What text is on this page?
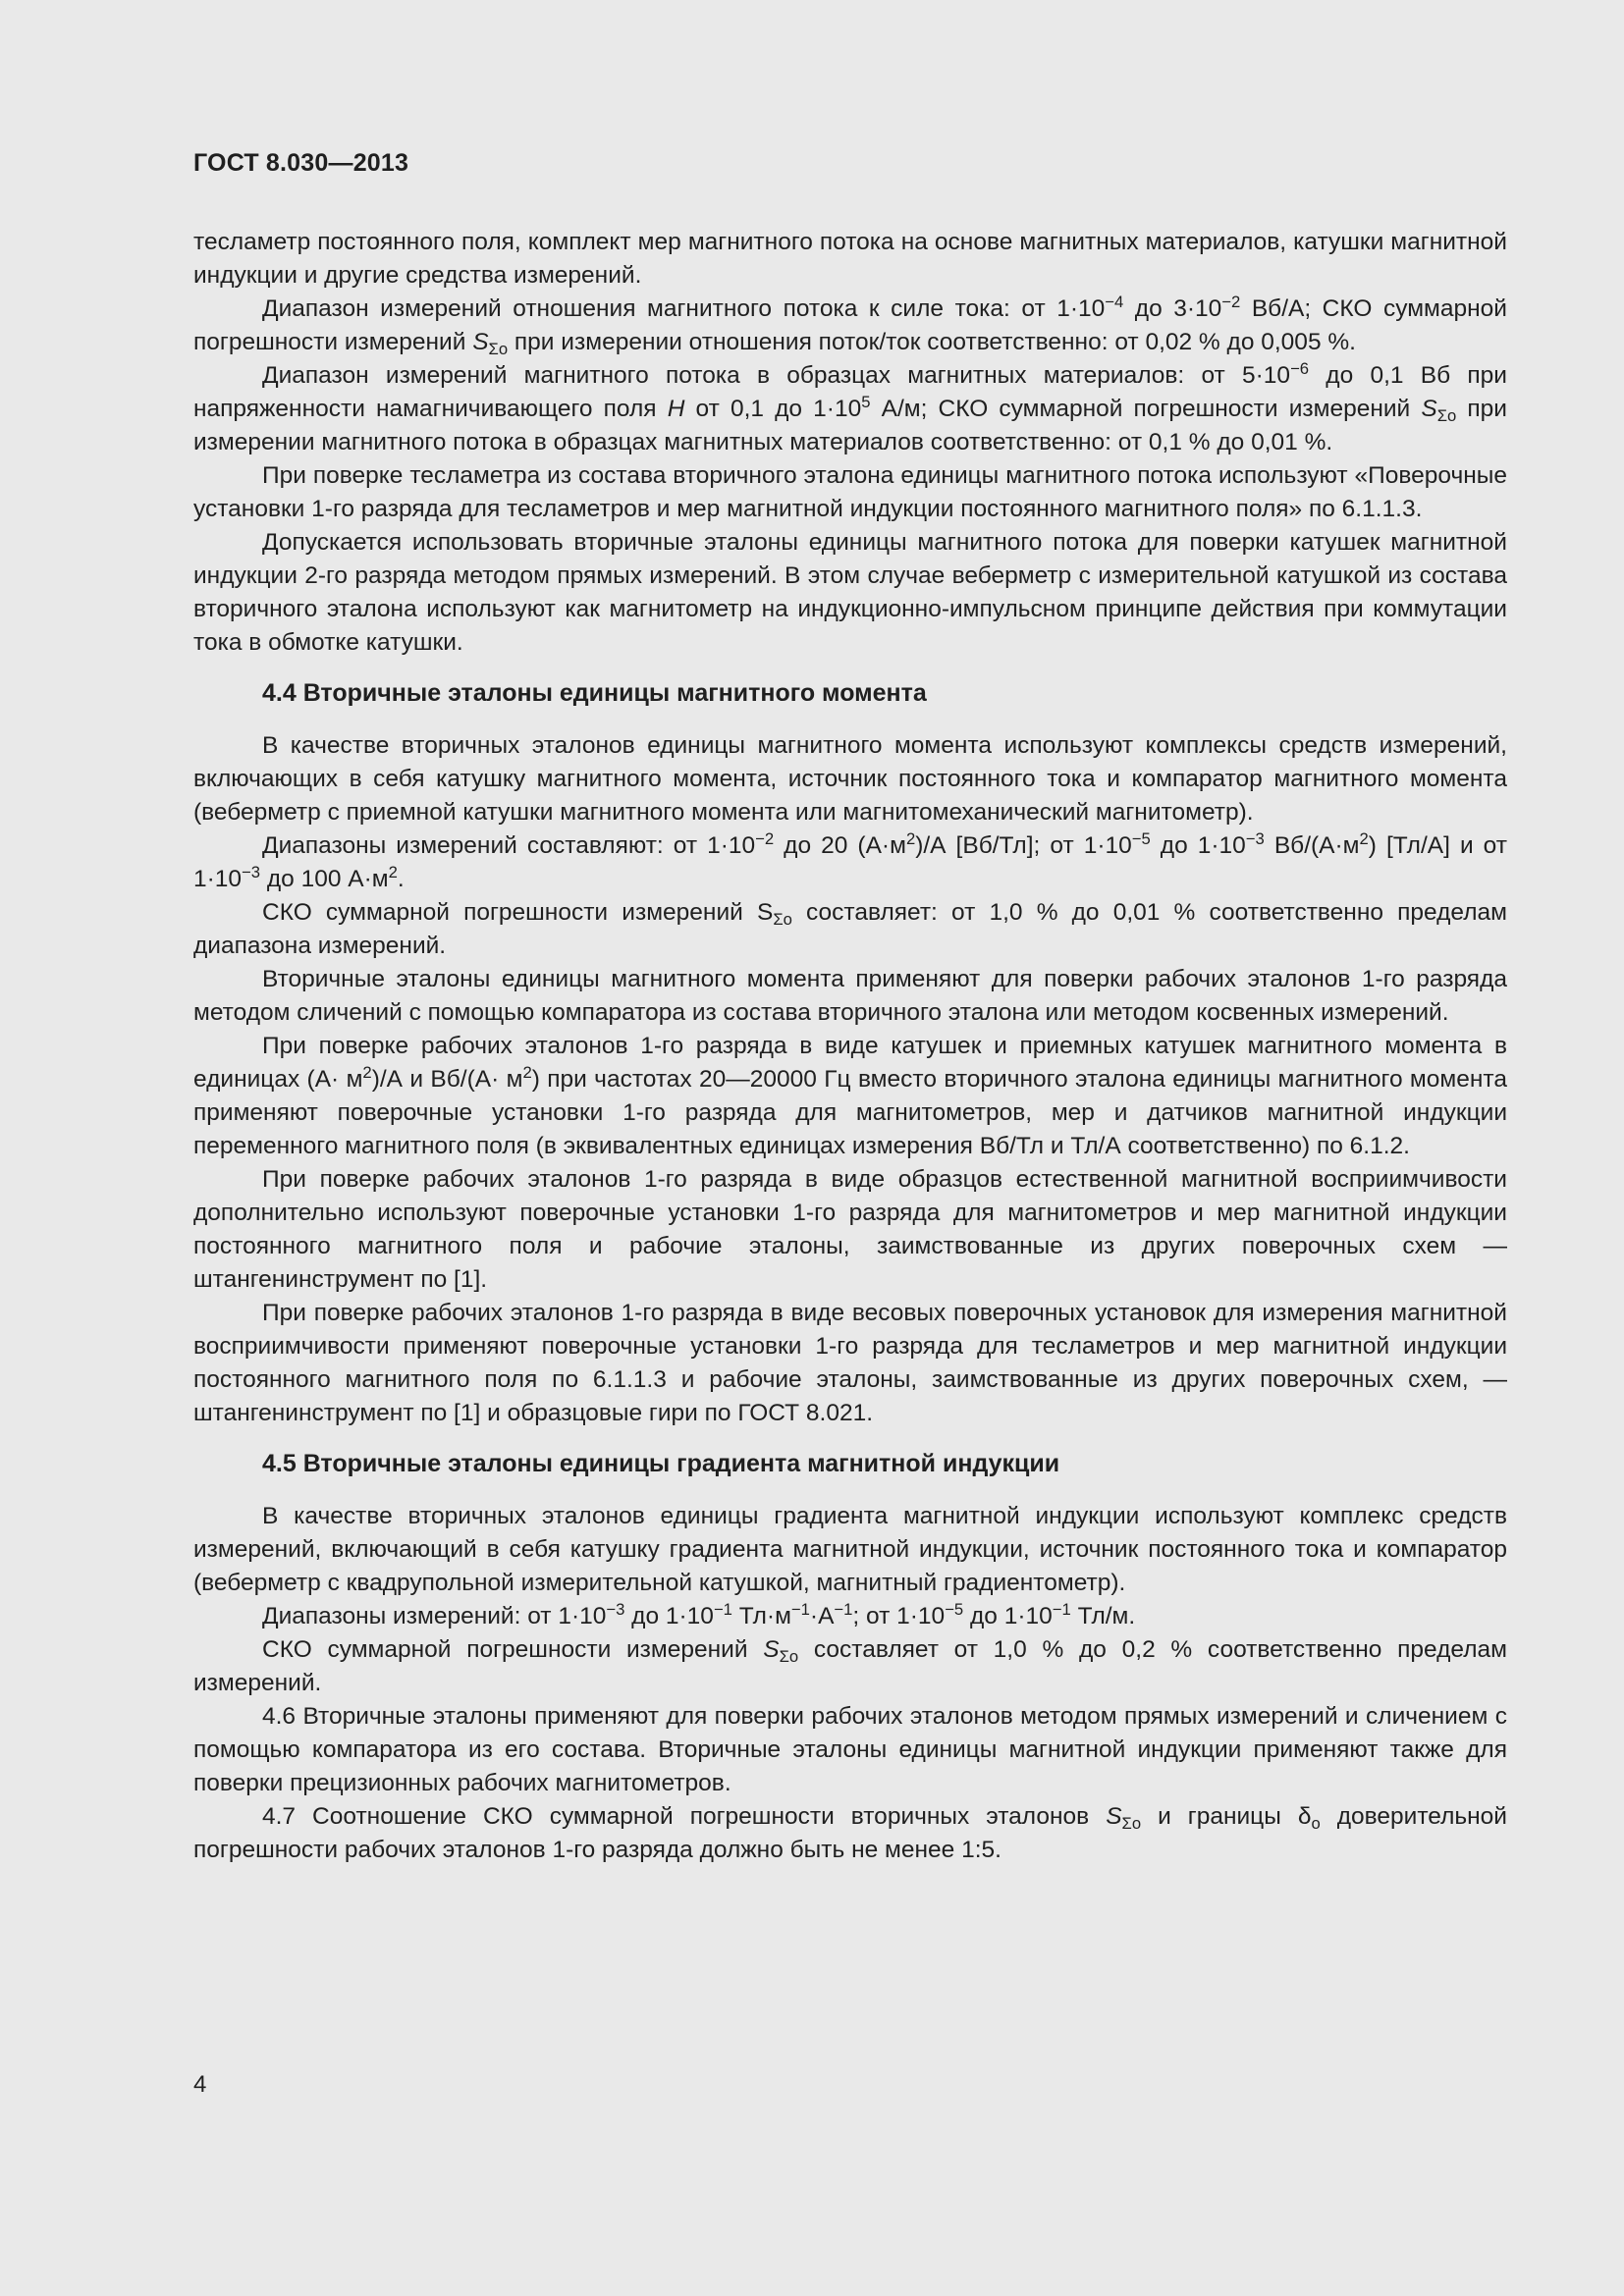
ГОСТ 8.030—2013

тесламетр постоянного поля, комплект мер магнитного потока на основе магнитных материалов, катушки магнитной индукции и другие средства измерений.

Диапазон измерений отношения магнитного потока к силе тока: от $1\cdot 10^{-4}$ до $3\cdot 10^{-2}$ Вб/А; СКО суммарной погрешности измерений $S_{\Sigma о}$ при измерении отношения поток/ток соответственно: от 0,02 % до 0,005 %.

Диапазон измерений магнитного потока в образцах магнитных материалов: от $5\cdot 10^{-6}$ до 0,1 Вб при напряженности намагничивающего поля Н от 0,1 до $1\cdot 10^5$ А/м; СКО суммарной погрешности измерений $S_{\Sigma о}$ при измерении магнитного потока в образцах магнитных материалов соответственно: от 0,1 % до 0,01 %.

При поверке тесламетра из состава вторичного эталона единицы магнитного потока используют «Поверочные установки 1-го разряда для тесламетров и мер магнитной индукции постоянного магнитного поля» по 6.1.1.3.

Допускается использовать вторичные эталоны единицы магнитного потока для поверки катушек магнитной индукции 2-го разряда методом прямых измерений. В этом случае веберметр с измерительной катушкой из состава вторичного эталона используют как магнитометр на индукционно-импульсном принципе действия при коммутации тока в обмотке катушки.

4.4 Вторичные эталоны единицы магнитного момента

В качестве вторичных эталонов единицы магнитного момента используют комплексы средств измерений, включающих в себя катушку магнитного момента, источник постоянного тока и компаратор магнитного момента (веберметр с приемной катушки магнитного момента или магнитомеханический магнитометр).

Диапазоны измерений составляют: от $1\cdot 10^{-2}$ до 20 $(А\cdot м^2)/А$ [Вб/Тл]; от $1\cdot 10^{-5}$ до $1\cdot 10^{-3}$ $Вб/(А\cdot м^2)$ [Тл/А] и от $1\cdot 10^{-3}$ до 100 $А\cdot м^2$.

СКО суммарной погрешности измерений $S_{\Sigma о}$ составляет: от 1,0 % до 0,01 % соответственно пределам диапазона измерений.

Вторичные эталоны единицы магнитного момента применяют для поверки рабочих эталонов 1-го разряда методом сличений с помощью компаратора из состава вторичного эталона или методом косвенных измерений.

При поверке рабочих эталонов 1-го разряда в виде катушек и приемных катушек магнитного момента в единицах $(А\cdot м^2)/А$ и $Вб/(А\cdot м^2)$ при частотах 20—20000 Гц вместо вторичного эталона единицы магнитного момента применяют поверочные установки 1-го разряда для магнитометров, мер и датчиков магнитной индукции переменного магнитного поля (в эквивалентных единицах измерения Вб/Тл и Тл/А соответственно) по 6.1.2.

При поверке рабочих эталонов 1-го разряда в виде образцов естественной магнитной восприимчивости дополнительно используют поверочные установки 1-го разряда для магнитометров и мер магнитной индукции постоянного магнитного поля и рабочие эталоны, заимствованные из других поверочных схем — штангенинструмент по [1].

При поверке рабочих эталонов 1-го разряда в виде весовых поверочных установок для измерения магнитной восприимчивости применяют поверочные установки 1-го разряда для тесламетров и мер магнитной индукции постоянного магнитного поля по 6.1.1.3 и рабочие эталоны, заимствованные из других поверочных схем, — штангенинструмент по [1] и образцовые гири по ГОСТ 8.021.

4.5 Вторичные эталоны единицы градиента магнитной индукции

В качестве вторичных эталонов единицы градиента магнитной индукции используют комплекс средств измерений, включающий в себя катушку градиента магнитной индукции, источник постоянного тока и компаратор (веберметр с квадрупольной измерительной катушкой, магнитный градиентометр).

Диапазоны измерений: от $1\cdot 10^{-3}$ до $1\cdot 10^{-1}$ $Тл\cdot м^{-1}\cdot А^{-1}$; от $1\cdot 10^{-5}$ до $1\cdot 10^{-1}$ Тл/м.

СКО суммарной погрешности измерений $S_{\Sigma о}$ составляет от 1,0 % до 0,2 % соответственно пределам измерений.

4.6 Вторичные эталоны применяют для поверки рабочих эталонов методом прямых измерений и сличением с помощью компаратора из его состава. Вторичные эталоны единицы магнитной индукции применяют также для поверки прецизионных рабочих магнитометров.

4.7 Соотношение СКО суммарной погрешности вторичных эталонов $S_{\Sigma о}$ и границы $\delta_о$ доверительной погрешности рабочих эталонов 1-го разряда должно быть не менее 1:5.

4
